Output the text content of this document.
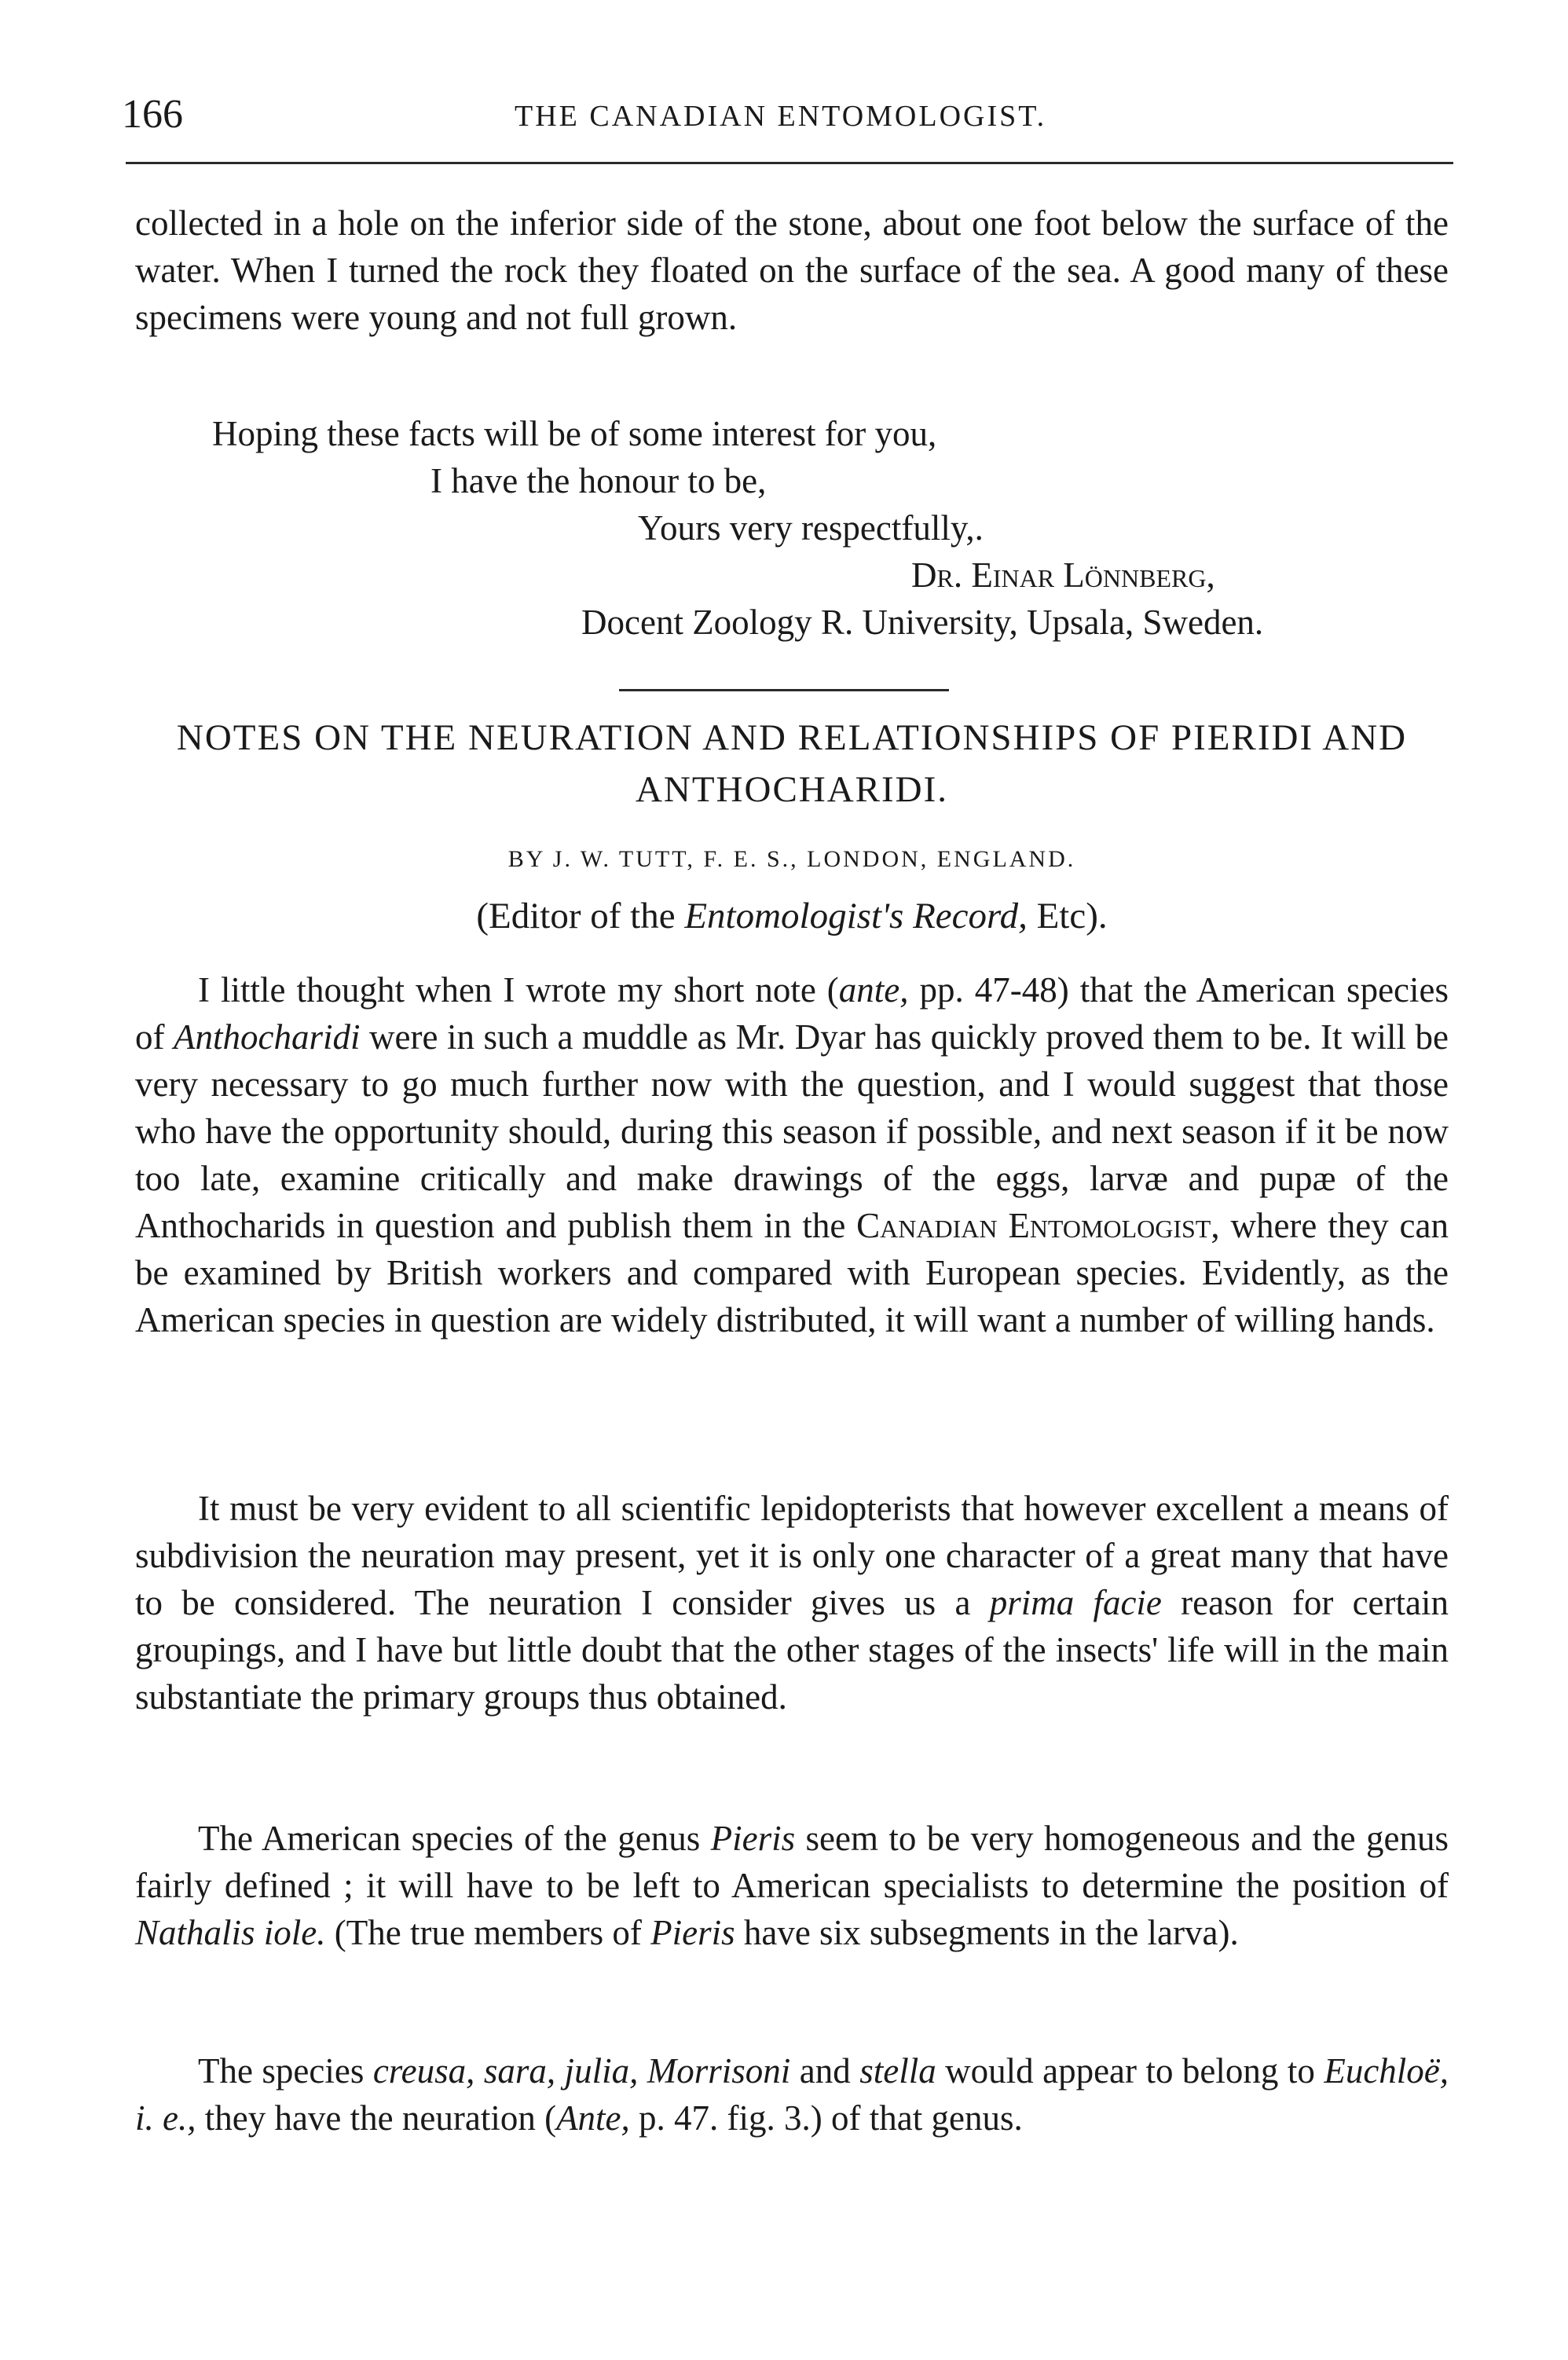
166	THE CANADIAN ENTOMOLOGIST.

collected in a hole on the inferior side of the stone, about one foot below the surface of the water. When I turned the rock they floated on the surface of the sea. A good many of these specimens were young and not full grown.

Hoping these facts will be of some interest for you,
I have the honour to be,
Yours very respectfully,.
Dr. Einar Lönnberg,
Docent Zoology R. University, Upsala, Sweden.
NOTES ON THE NEURATION AND RELATIONSHIPS OF PIERIDI AND ANTHOCHARIDI.
BY J. W. TUTT, F. E. S., LONDON, ENGLAND.
(Editor of the Entomologist's Record, Etc).

I little thought when I wrote my short note (ante, pp. 47-48) that the American species of Anthocharidi were in such a muddle as Mr. Dyar has quickly proved them to be. It will be very necessary to go much further now with the question, and I would suggest that those who have the opportunity should, during this season if possible, and next season if it be now too late, examine critically and make drawings of the eggs, larvæ and pupæ of the Anthocharids in question and publish them in the Canadian Entomologist, where they can be examined by British workers and compared with European species. Evidently, as the American species in question are widely distributed, it will want a number of willing hands.

It must be very evident to all scientific lepidopterists that however excellent a means of subdivision the neuration may present, yet it is only one character of a great many that have to be considered. The neuration I consider gives us a prima facie reason for certain groupings, and I have but little doubt that the other stages of the insects' life will in the main substantiate the primary groups thus obtained.

The American species of the genus Pieris seem to be very homogeneous and the genus fairly defined ; it will have to be left to American specialists to determine the position of Nathalis iole. (The true members of Pieris have six subsegments in the larva).

The species creusa, sara, julia, Morrisoni and stella would appear to belong to Euchloë, i. e., they have the neuration (Ante, p. 47. fig. 3.) of that genus.
